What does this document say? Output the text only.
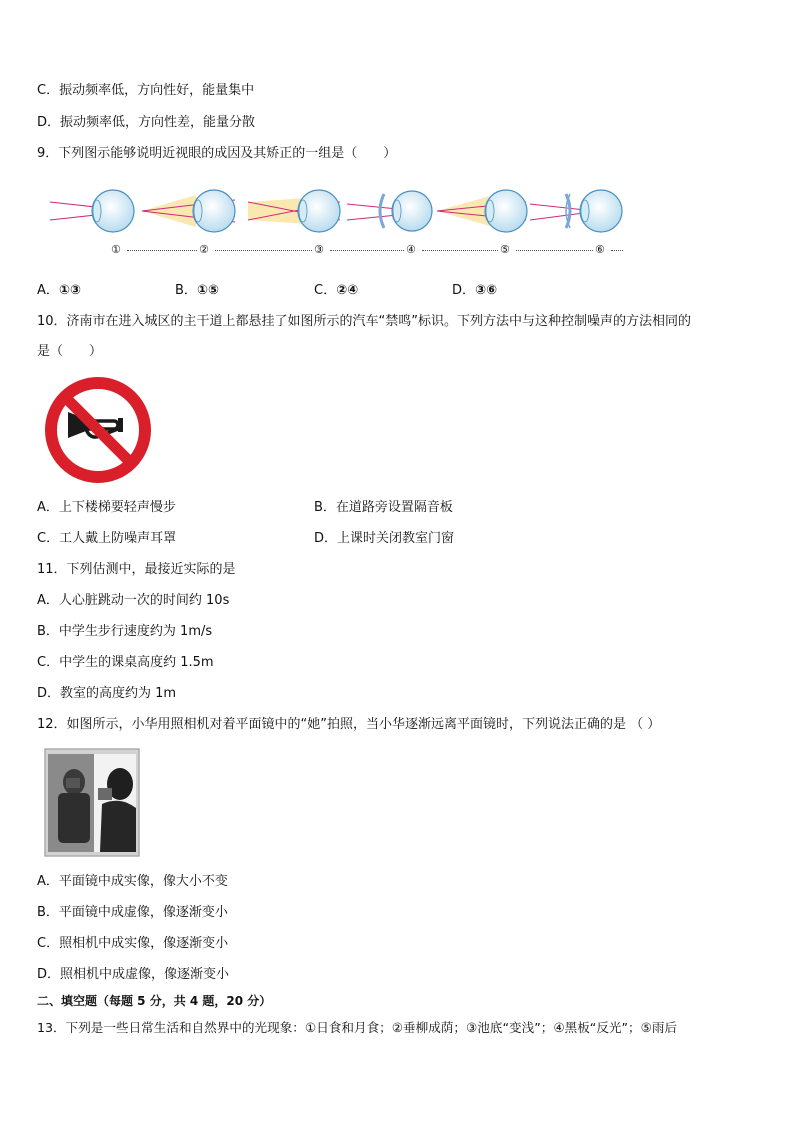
C．振动频率低，方向性好，能量集中
D．振动频率低，方向性差，能量分散
9．下列图示能够说明近视眼的成因及其矫正的一组是（　　）
①	②	③	④	⑤	⑥
A．①③	B．①⑤	C．②④	D．③⑥
10．济南市在进入城区的主干道上都悬挂了如图所示的汽车“禁鸣”标识。下列方法中与这种控制噪声的方法相同的
是（　　）
A．上下楼梯要轻声慢步	B．在道路旁设置隔音板
C．工人戴上防噪声耳罩	D．上课时关闭教室门窗
11．下列估测中，最接近实际的是
A．人心脏跳动一次的时间约 10s
B．中学生步行速度约为 1m/s
C．中学生的课桌高度约 1.5m
D．教室的高度约为 1m
12．如图所示，小华用照相机对着平面镜中的“她”拍照，当小华逐渐远离平面镜时，下列说法正确的是 （ ）
A．平面镜中成实像，像大小不变
B．平面镜中成虚像，像逐渐变小
C．照相机中成实像，像逐渐变小
D．照相机中成虚像，像逐渐变小
二、填空题（每题 5 分，共 4 题，20 分）
13．下列是一些日常生活和自然界中的光现象：①日食和月食；②垂柳成荫；③池底“变浅”；④黑板“反光”；⑤雨后
